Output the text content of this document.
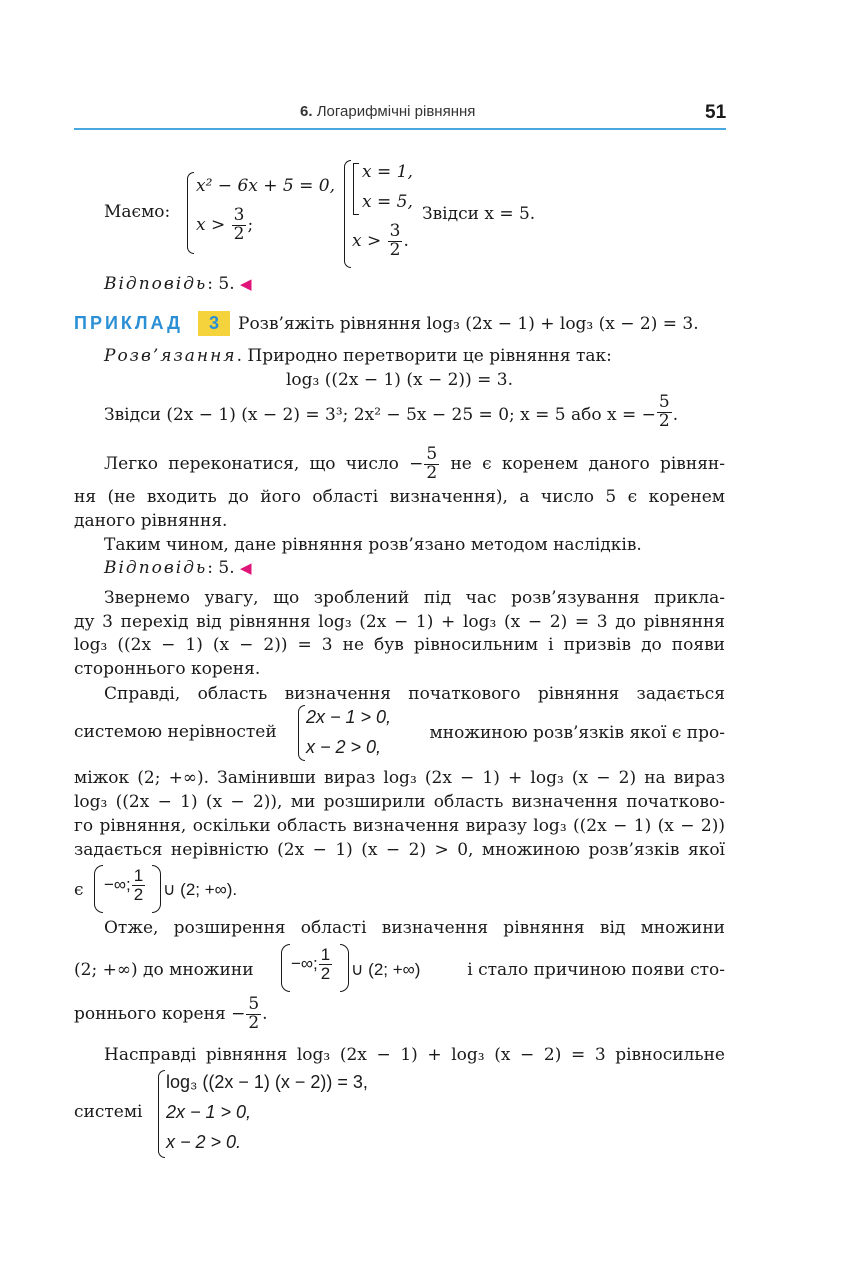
6. Логарифмічні рівняння	51
Маємо:
x² − 6x + 5 = 0,
$x > \frac{3}{2}$ ;
x = 1,
x = 5,
$x > \frac{3}{2}$ .
Звідси x = 5.
Відповідь: 5. ◀
ПРИКЛАД	3	Розв’яжіть рівняння log₃ (2x − 1) + log₃ (x − 2) = 3.
Розв’язання. Природно перетворити це рівняння так:
log₃ ((2x − 1) (x − 2)) = 3.
Звідси (2x − 1) (x − 2) = 3³; 2x² − 5x − 25 = 0; x = 5 або x = − $\frac{5}{2}$ .
Легко переконатися, що число − $\frac{5}{2}$ не є коренем даного рівнян-
ня (не входить до його області визначення), а число 5 є коренем
даного рівняння.
Таким чином, дане рівняння розв’язано методом наслідків.
Відповідь: 5. ◀
Звернемо увагу, що зроблений під час розв’язування прикла-
ду 3 перехід від рівняння log₃ (2x − 1) + log₃ (x − 2) = 3 до рівняння
log₃ ((2x − 1) (x − 2)) = 3 не був рівносильним і призвів до появи
стороннього кореня.
Справді, область визначення початкового рівняння задається
системою нерівностей
2x − 1 > 0,
x − 2 > 0,
множиною розв’язків якої є про-
міжок (2; +∞). Замінивши вираз log₃ (2x − 1) + log₃ (x − 2) на вираз
log₃ ((2x − 1) (x − 2)), ми розширили область визначення початково-
го рівняння, оскільки область визначення виразу log₃ ((2x − 1) (x − 2))
задається нерівністю (2x − 1) (x − 2) > 0, множиною розв’язків якої
є −∞; $\frac{1}{2}$ ∪ (2; +∞).
Отже, розширення області визначення рівняння від множини
(2; +∞) до множини −∞; $\frac{1}{2}$ ∪ (2; +∞)	і стало причиною появи сто-
роннього кореня − $\frac{5}{2}$ .
Насправді рівняння log₃ (2x − 1) + log₃ (x − 2) = 3 рівносильне
системі
log₃ ((2x − 1) (x − 2)) = 3,
2x − 1 > 0,
x − 2 > 0.
